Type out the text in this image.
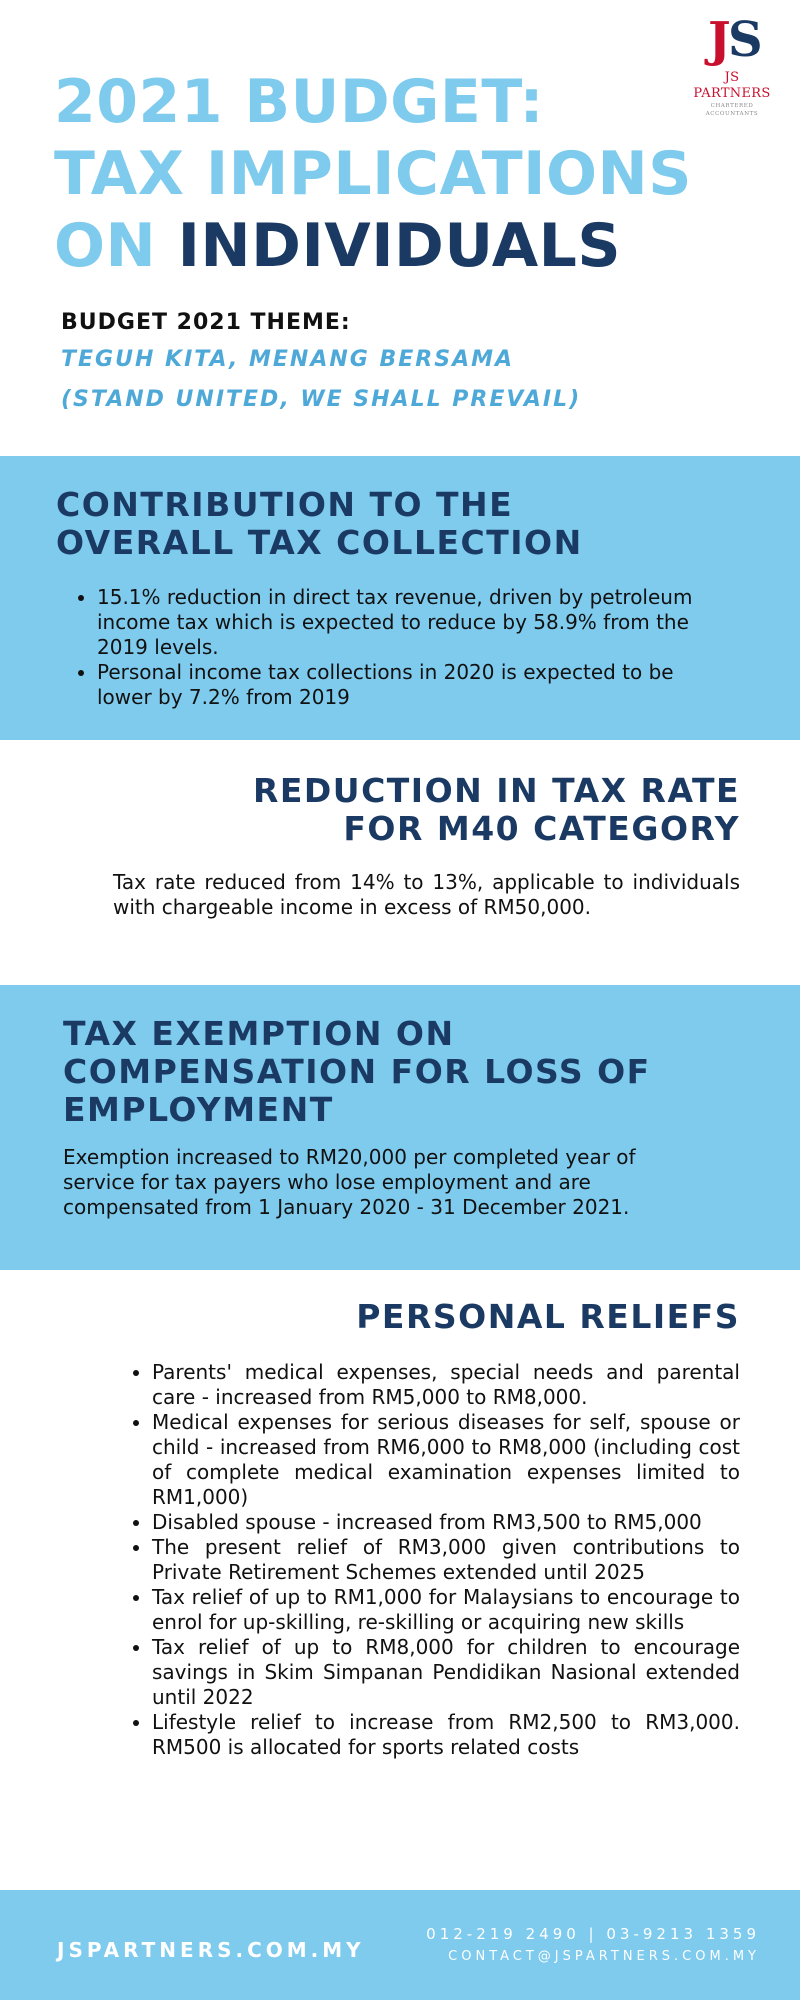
J
S
JS PARTNERS
CHARTERED ACCOUNTANTS
2021 BUDGET:
TAX IMPLICATIONS
ON INDIVIDUALS
BUDGET 2021 THEME:
TEGUH KITA, MENANG BERSAMA
(STAND UNITED, WE SHALL PREVAIL)
CONTRIBUTION TO THE
OVERALL TAX COLLECTION
• 15.1% reduction in direct tax revenue, driven by petroleum income tax which is expected to reduce by 58.9% from the 2019 levels.
• Personal income tax collections in 2020 is expected to be lower by 7.2% from 2019
REDUCTION IN TAX RATE
FOR M40 CATEGORY
Tax rate reduced from 14% to 13%, applicable to individuals with chargeable income in excess of RM50,000.
TAX EXEMPTION ON
COMPENSATION FOR LOSS OF
EMPLOYMENT
Exemption increased to RM20,000 per completed year of service for tax payers who lose employment and are compensated from 1 January 2020 - 31 December 2021.
PERSONAL RELIEFS
• Parents' medical expenses, special needs and parental care - increased from RM5,000 to RM8,000.
• Medical expenses for serious diseases for self, spouse or child - increased from RM6,000 to RM8,000 (including cost of complete medical examination expenses limited to RM1,000)
• Disabled spouse - increased from RM3,500 to RM5,000
• The present relief of RM3,000 given contributions to Private Retirement Schemes extended until 2025
• Tax relief of up to RM1,000 for Malaysians to encourage to enrol for up-skilling, re-skilling or acquiring new skills
• Tax relief of up to RM8,000 for children to encourage savings in Skim Simpanan Pendidikan Nasional extended until 2022
• Lifestyle relief to increase from RM2,500 to RM3,000. RM500 is allocated for sports related costs
JSPARTNERS.COM.MY
012-219 2490 | 03-9213 1359
CONTACT@JSPARTNERS.COM.MY
